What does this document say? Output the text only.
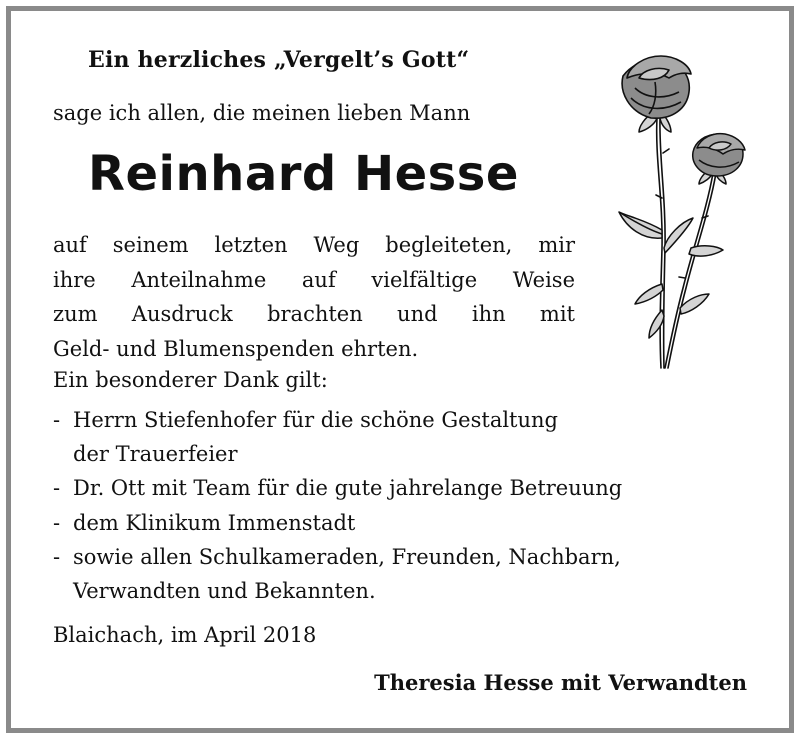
Ein herzliches „Vergelt’s Gott“
sage ich allen, die meinen lieben Mann
Reinhard Hesse
auf seinem letzten Weg begleiteten, mir
ihre Anteilnahme auf vielfältige Weise
zum Ausdruck brachten und ihn mit
Geld- und Blumenspenden ehrten.
Ein besonderer Dank gilt:
- Herrn Stiefenhofer für die schöne Gestaltung
der Trauerfeier
- Dr. Ott mit Team für die gute jahrelange Betreuung
- dem Klinikum Immenstadt
- sowie allen Schulkameraden, Freunden, Nachbarn,
Verwandten und Bekannten.
Blaichach, im April 2018
Theresia Hesse mit Verwandten
